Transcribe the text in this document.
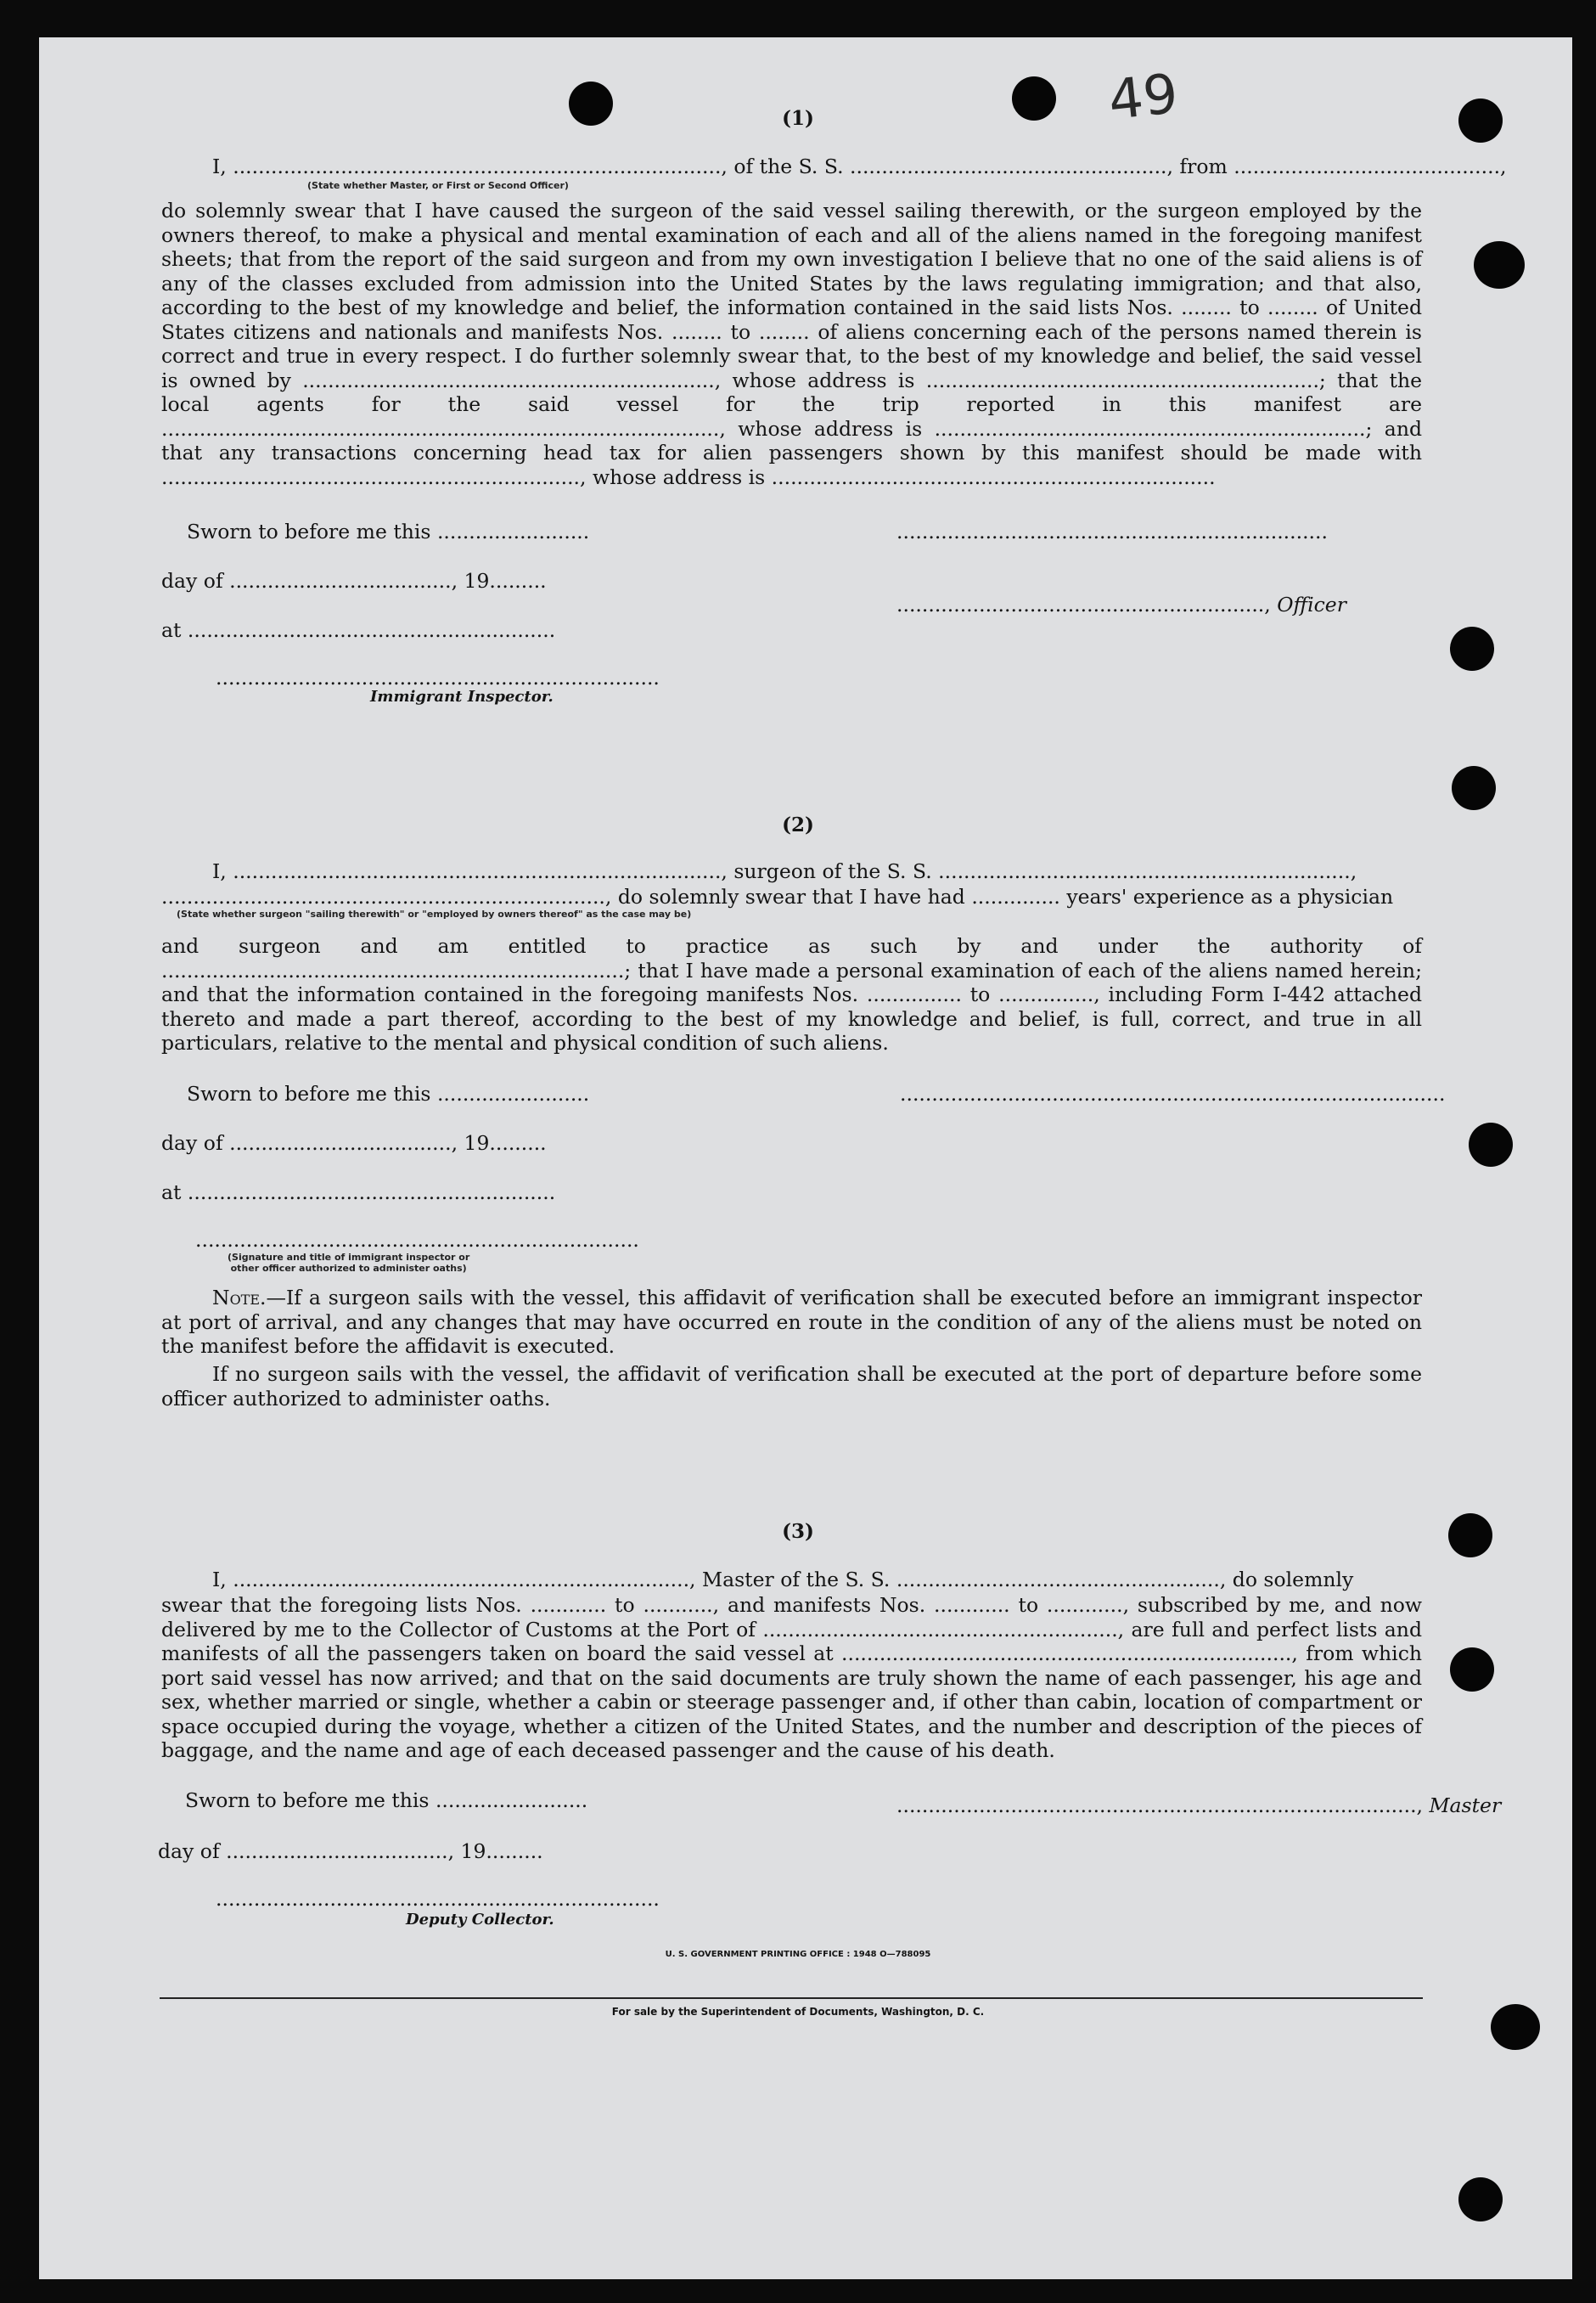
49
(1)
I, ............................................................................., of the S. S. .................................................., from ..........................................,
(State whether Master, or First or Second Officer)
do solemnly swear that I have caused the surgeon of the said vessel sailing therewith, or the surgeon employed by the owners thereof, to make a physical and mental examination of each and all of the aliens named in the foregoing manifest sheets; that from the report of the said surgeon and from my own investigation I believe that no one of the said aliens is of any of the classes excluded from admission into the United States by the laws regulating immigration; and that also, according to the best of my knowledge and belief, the information contained in the said lists Nos. ........ to ........ of United States citizens and nationals and manifests Nos. ........ to ........ of aliens concerning each of the persons named therein is correct and true in every respect. I do further solemnly swear that, to the best of my knowledge and belief, the said vessel is owned by ................................................................., whose address is ..............................................................; that the local agents for the said vessel for the trip reported in this manifest are ........................................................................................, whose address is ....................................................................; and that any transactions concerning head tax for alien passengers shown by this manifest should be made with .................................................................., whose address is ......................................................................
Sworn to before me this ........................	....................................................................
day of ..................................., 19.........
.........................................................., Officer
at ..........................................................
......................................................................
Immigrant Inspector.
(2)
I, ............................................................................., surgeon of the S. S. .................................................................,
......................................................................, do solemnly swear that I have had .............. years' experience as a physician
(State whether surgeon "sailing therewith" or "employed by owners thereof" as the case may be)
and surgeon and am entitled to practice as such by and under the authority of .........................................................................; that I have made a personal examination of each of the aliens named herein; and that the information contained in the foregoing manifests Nos. ............... to ..............., including Form I-442 attached thereto and made a part thereof, according to the best of my knowledge and belief, is full, correct, and true in all particulars, relative to the mental and physical condition of such aliens.
Sworn to before me this ........................	......................................................................................
day of ..................................., 19.........
at ..........................................................
......................................................................
(Signature and title of immigrant inspector or
other officer authorized to administer oaths)
Note.—If a surgeon sails with the vessel, this affidavit of verification shall be executed before an immigrant inspector at port of arrival, and any changes that may have occurred en route in the condition of any of the aliens must be noted on the manifest before the affidavit is executed.
If no surgeon sails with the vessel, the affidavit of verification shall be executed at the port of departure before some officer authorized to administer oaths.
(3)
I, ........................................................................, Master of the S. S. ..................................................., do solemnly
swear that the foregoing lists Nos. ............ to ..........., and manifests Nos. ............ to ............, subscribed by me, and now delivered by me to the Collector of Customs at the Port of ........................................................, are full and perfect lists and manifests of all the passengers taken on board the said vessel at ......................................................................., from which port said vessel has now arrived; and that on the said documents are truly shown the name of each passenger, his age and sex, whether married or single, whether a cabin or steerage passenger and, if other than cabin, location of compartment or space occupied during the voyage, whether a citizen of the United States, and the number and description of the pieces of baggage, and the name and age of each deceased passenger and the cause of his death.
Sworn to before me this ........................	.................................................................................., Master
day of ..................................., 19.........
......................................................................
Deputy Collector.
U. S. GOVERNMENT PRINTING OFFICE : 1948 O—788095
For sale by the Superintendent of Documents, Washington, D. C.
